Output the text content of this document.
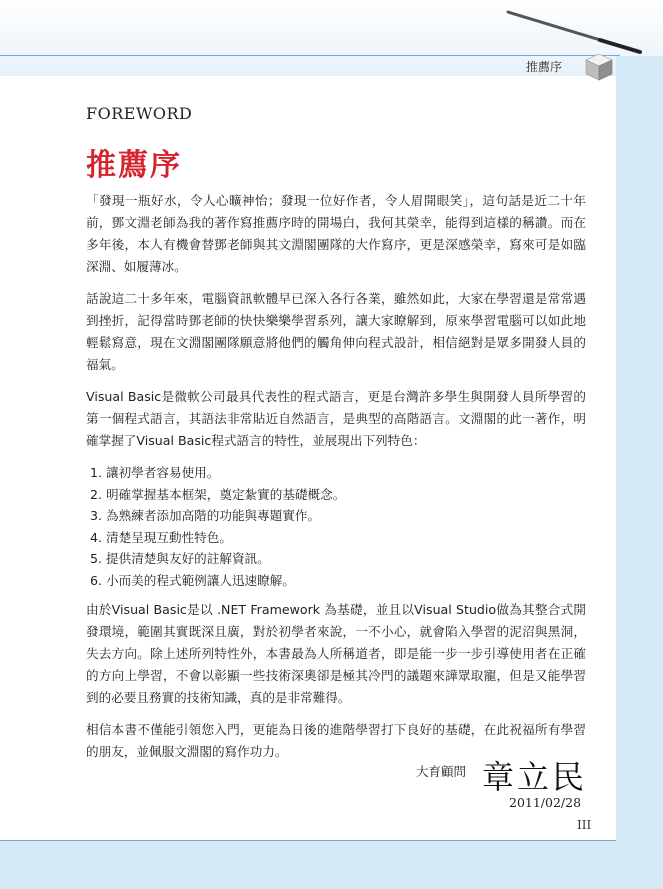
推薦序
FOREWORD
推薦序

「發現一瓶好水，令人心曠神怡；發現一位好作者，令人眉開眼笑」，這句話是近二十年前，鄧文淵老師為我的著作寫推薦序時的開場白，我何其榮幸，能得到這樣的稱讚。而在多年後，本人有機會替鄧老師與其文淵閣團隊的大作寫序，更是深感榮幸，寫來可是如臨深淵、如履薄冰。

話說這二十多年來，電腦資訊軟體早已深入各行各業，雖然如此，大家在學習還是常常遇到挫折，記得當時鄧老師的快快樂樂學習系列，讓大家瞭解到，原來學習電腦可以如此地輕鬆寫意，現在文淵閣團隊願意將他們的觸角伸向程式設計，相信絕對是眾多開發人員的福氣。

Visual Basic是微軟公司最具代表性的程式語言，更是台灣許多學生與開發人員所學習的第一個程式語言，其語法非常貼近自然語言，是典型的高階語言。文淵閣的此一著作，明確掌握了Visual Basic程式語言的特性，並展現出下列特色：

1. 讓初學者容易使用。
2. 明確掌握基本框架，奠定紮實的基礎概念。
3. 為熟練者添加高階的功能與專題實作。
4. 清楚呈現互動性特色。
5. 提供清楚與友好的註解資訊。
6. 小而美的程式範例讓人迅速瞭解。

由於Visual Basic是以 .NET Framework 為基礎，並且以Visual Studio做為其整合式開發環境，範圍其實既深且廣，對於初學者來說，一不小心，就會陷入學習的泥沼與黑洞，失去方向。除上述所列特性外，本書最為人所稱道者，即是能一步一步引導使用者在正確的方向上學習，不會以彰顯一些技術深奧卻是極其冷門的議題來譁眾取寵，但是又能學習到的必要且務實的技術知識，真的是非常難得。

相信本書不僅能引領您入門，更能為日後的進階學習打下良好的基礎，在此祝福所有學習的朋友，並佩服文淵閣的寫作功力。

大育顧問 章立民
2011/02/28
III
